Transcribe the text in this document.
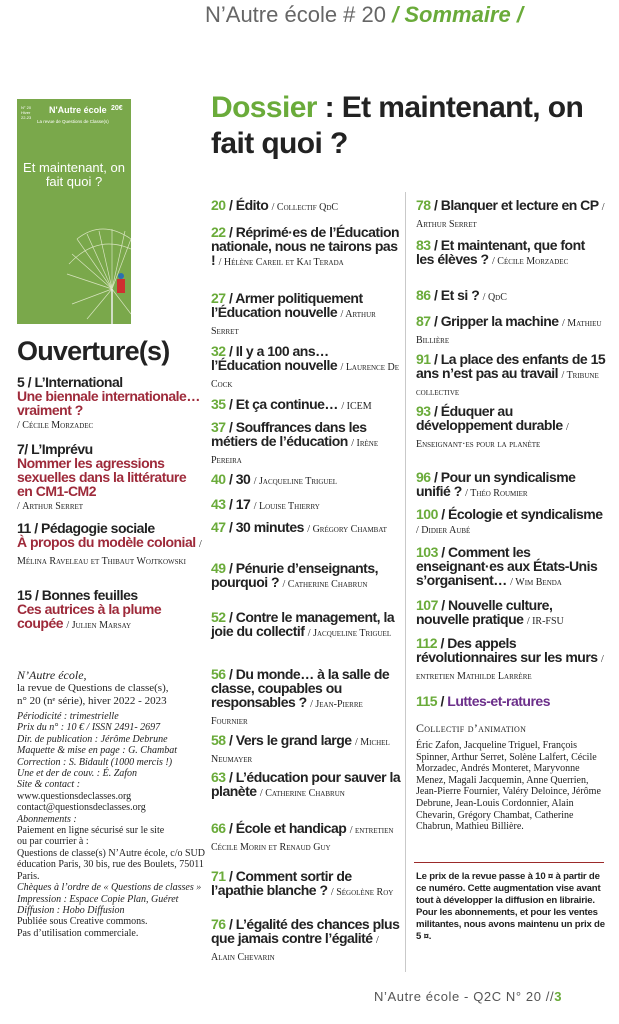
N’Autre école # 20 / Sommaire /
N° 20
Hiver
22-23
N'Autre école 20€
La revue de Questions de Classe(s)
Et maintenant, on fait quoi ?
Ouverture(s)
5 / L’International
Une biennale internationale… vraiment ?
/ Cécile Morzadec
7/ L’Imprévu
Nommer les agressions sexuelles dans la littérature en CM1-CM2
/ Arthur Serret
11 / Pédagogie sociale
À propos du modèle colonial / Mélina Raveleau et Thibaut Wojtkowski
15 / Bonnes feuilles
Ces autrices à la plume coupée / Julien Marsay
N’Autre école,
la revue de Questions de classe(s),
n° 20 (nᵉ série), hiver 2022 - 2023
Périodicité : trimestrielle
Prix du n° : 10 € / ISSN 2491- 2697
Dir. de publication : Jérôme Debrune
Maquette & mise en page : G. Chambat
Correction : S. Bidault (1000 mercis !)
Une et der de couv. : É. Zafon
Site & contact :
www.questionsdeclasses.org
contact@questionsdeclasses.org
Abonnements :
Paiement en ligne sécurisé sur le site
ou par courrier à :
Questions de classe(s) N’Autre école, c/o SUD
éducation Paris, 30 bis, rue des Boulets, 75011
Paris.
Chèques à l’ordre de « Questions de classes »
Impression : Espace Copie Plan, Guéret
Diffusion : Hobo Diffusion
Publiée sous Creative commons.
Pas d’utilisation commerciale.
Dossier : Et maintenant, on fait quoi ?
20 / Édito / Collectif QdC
22 / Réprimé·es de l’Éducation nationale, nous ne tairons pas ! / Hélène Careil et Kai Terada
27 / Armer politiquement l’Éducation nouvelle / Arthur Serret
32 / Il y a 100 ans… l’Éducation nouvelle / Laurence De Cock
35 / Et ça continue… / ICEM
37 / Souffrances dans les métiers de l’éducation / Irène Pereira
40 / 30 / Jacqueline Triguel
43 / 17 / Louise Thierry
47 / 30 minutes / Grégory Chambat
49 / Pénurie d’enseignants, pourquoi ? / Catherine Chabrun
52 / Contre le management, la joie du collectif / Jacqueline Triguel
56 / Du monde… à la salle de classe, coupables ou responsables ? / Jean-Pierre Fournier
58 / Vers le grand large / Michel Neumayer
63 / L’éducation pour sauver la planète / Catherine Chabrun
66 / École et handicap / entretien Cécile Morin et Renaud Guy
71 / Comment sortir de l’apathie blanche ? / Ségolène Roy
76 / L’égalité des chances plus que jamais contre l’égalité / Alain Chevarin
78 / Blanquer et lecture en CP / Arthur Serret
83 / Et maintenant, que font les élèves ? / Cécile Morzadec
86 / Et si ? / QdC
87 / Gripper la machine / Mathieu Billière
91 / La place des enfants de 15 ans n’est pas au travail / Tribune collective
93 / Éduquer au développement durable / Enseignant·es pour la planète
96 / Pour un syndicalisme unifié ? / Théo Roumier
100 / Écologie et syndicalisme / Didier Aubé
103 / Comment les enseignant·es aux États-Unis s’organisent… / Wim Benda
107 / Nouvelle culture, nouvelle pratique / IR-FSU
112 / Des appels révolutionnaires sur les murs / entretien Mathilde Larrère
115 / Luttes-et-ratures
Collectif d’animation
Éric Zafon, Jacqueline Triguel, François Spinner, Arthur Serret, Solène Lalfert, Cécile Morzadec, Andrés Monteret, Maryvonne Menez, Magali Jacquemin, Anne Querrien, Jean-Pierre Fournier, Valéry Deloince, Jérôme Debrune, Jean-Louis Cordonnier, Alain Chevarin, Grégory Chambat, Catherine Chabrun, Mathieu Billière.
Le prix de la revue passe à 10 ¤ à partir de ce numéro. Cette augmentation vise avant tout à développer la diffusion en librairie. Pour les abonnements, et pour les ventes militantes, nous avons maintenu un prix de 5 ¤.
N’Autre école - Q2C N° 20 //3
